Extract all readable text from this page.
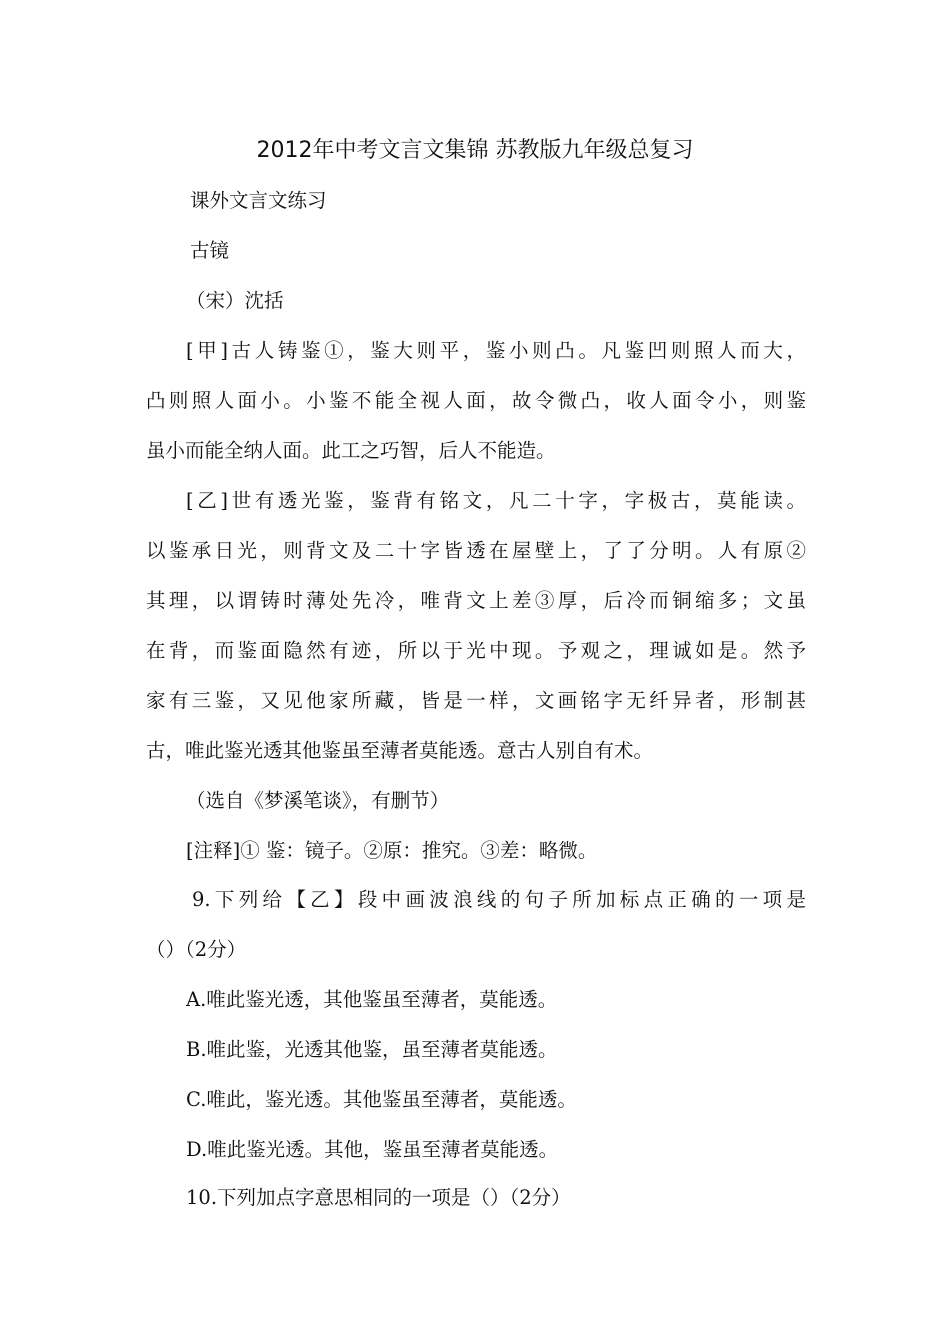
2012年中考文言文集锦 苏教版九年级总复习
课外文言文练习
古镜
（宋）沈括
[甲]古人铸鉴①，鉴大则平，鉴小则凸。凡鉴凹则照人而大，
凸则照人面小。小鉴不能全视人面，故令微凸，收人面令小，则鉴
虽小而能全纳人面。此工之巧智，后人不能造。
[乙]世有透光鉴，鉴背有铭文，凡二十字，字极古，莫能读。
以鉴承日光，则背文及二十字皆透在屋壁上，了了分明。人有原②
其理，以谓铸时薄处先冷，唯背文上差③厚，后冷而铜缩多；文虽
在背，而鉴面隐然有迹，所以于光中现。予观之，理诚如是。然予
家有三鉴，又见他家所藏，皆是一样，文画铭字无纤异者，形制甚
古，唯此鉴光透其他鉴虽至薄者莫能透。意古人别自有术。
（选自《梦溪笔谈》，有删节）
[注释]① 鉴：镜子。②原：推究。③差：略微。
9.下列给【乙】段中画波浪线的句子所加标点正确的一项是
（）（2分）
A.唯此鉴光透，其他鉴虽至薄者，莫能透。
B.唯此鉴，光透其他鉴，虽至薄者莫能透。
C.唯此，鉴光透。其他鉴虽至薄者，莫能透。
D.唯此鉴光透。其他，鉴虽至薄者莫能透。
10.下列加点字意思相同的一项是（）（2分）
